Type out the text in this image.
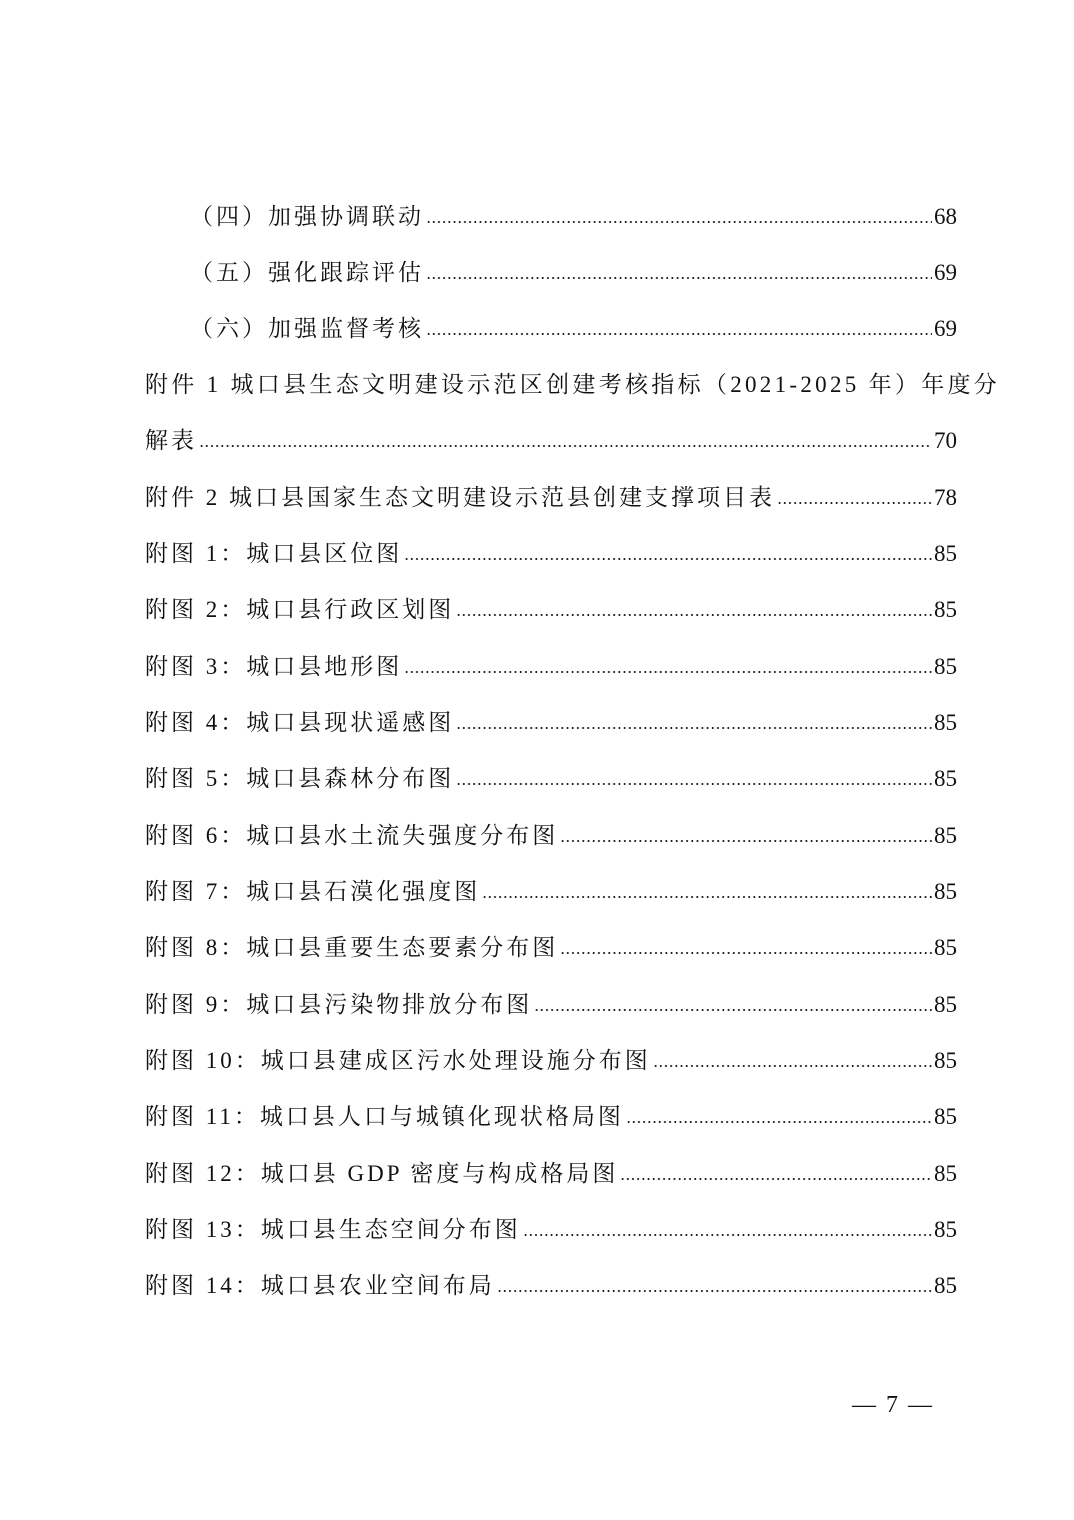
（四）加强协调联动	68
（五）强化跟踪评估	69
（六）加强监督考核	69
附件 1 城口县生态文明建设示范区创建考核指标（2021-2025 年）年度分
解表	70
附件 2 城口县国家生态文明建设示范县创建支撑项目表	78
附图 1：城口县区位图	85
附图 2：城口县行政区划图	85
附图 3：城口县地形图	85
附图 4：城口县现状遥感图	85
附图 5：城口县森林分布图	85
附图 6：城口县水土流失强度分布图	85
附图 7：城口县石漠化强度图	85
附图 8：城口县重要生态要素分布图	85
附图 9：城口县污染物排放分布图	85
附图 10：城口县建成区污水处理设施分布图	85
附图 11：城口县人口与城镇化现状格局图	85
附图 12：城口县 GDP 密度与构成格局图	85
附图 13：城口县生态空间分布图	85
附图 14：城口县农业空间布局	85
— 7 —
